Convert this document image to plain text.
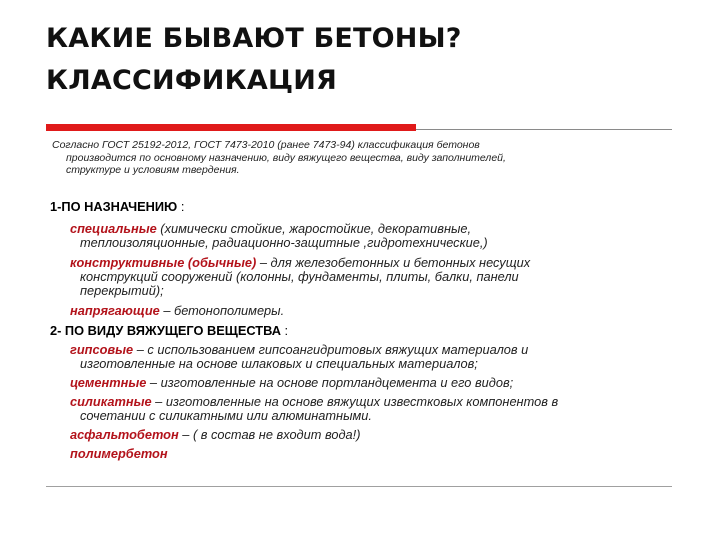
КАКИЕ БЫВАЮТ БЕТОНЫ?
КЛАССИФИКАЦИЯ
Согласно ГОСТ 25192-2012, ГОСТ 7473-2010 (ранее 7473-94) классификация бетонов
производится по основному назначению, виду вяжущего вещества, виду заполнителей,
структуре и условиям твердения.
1-ПО НАЗНАЧЕНИЮ :
специальные (химически стойкие, жаростойкие, декоративные,
теплоизоляционные, радиационно-защитные ,гидротехнические,)
конструктивные (обычные) – для железобетонных и бетонных несущих
конструкций сооружений (колонны, фундаменты, плиты, балки, панели
перекрытий);
напрягающие – бетонополимеры.
2- ПО ВИДУ ВЯЖУЩЕГО ВЕЩЕСТВА :
гипсовые – с использованием гипсоангидритовых вяжущих материалов и
изготовленные на основе шлаковых и специальных материалов;
цементные – изготовленные на основе портландцемента и его видов;
силикатные – изготовленные на основе вяжущих известковых компонентов в
сочетании с силикатными или алюминатными.
асфальтобетон – ( в состав не входит вода!)
полимербетон
